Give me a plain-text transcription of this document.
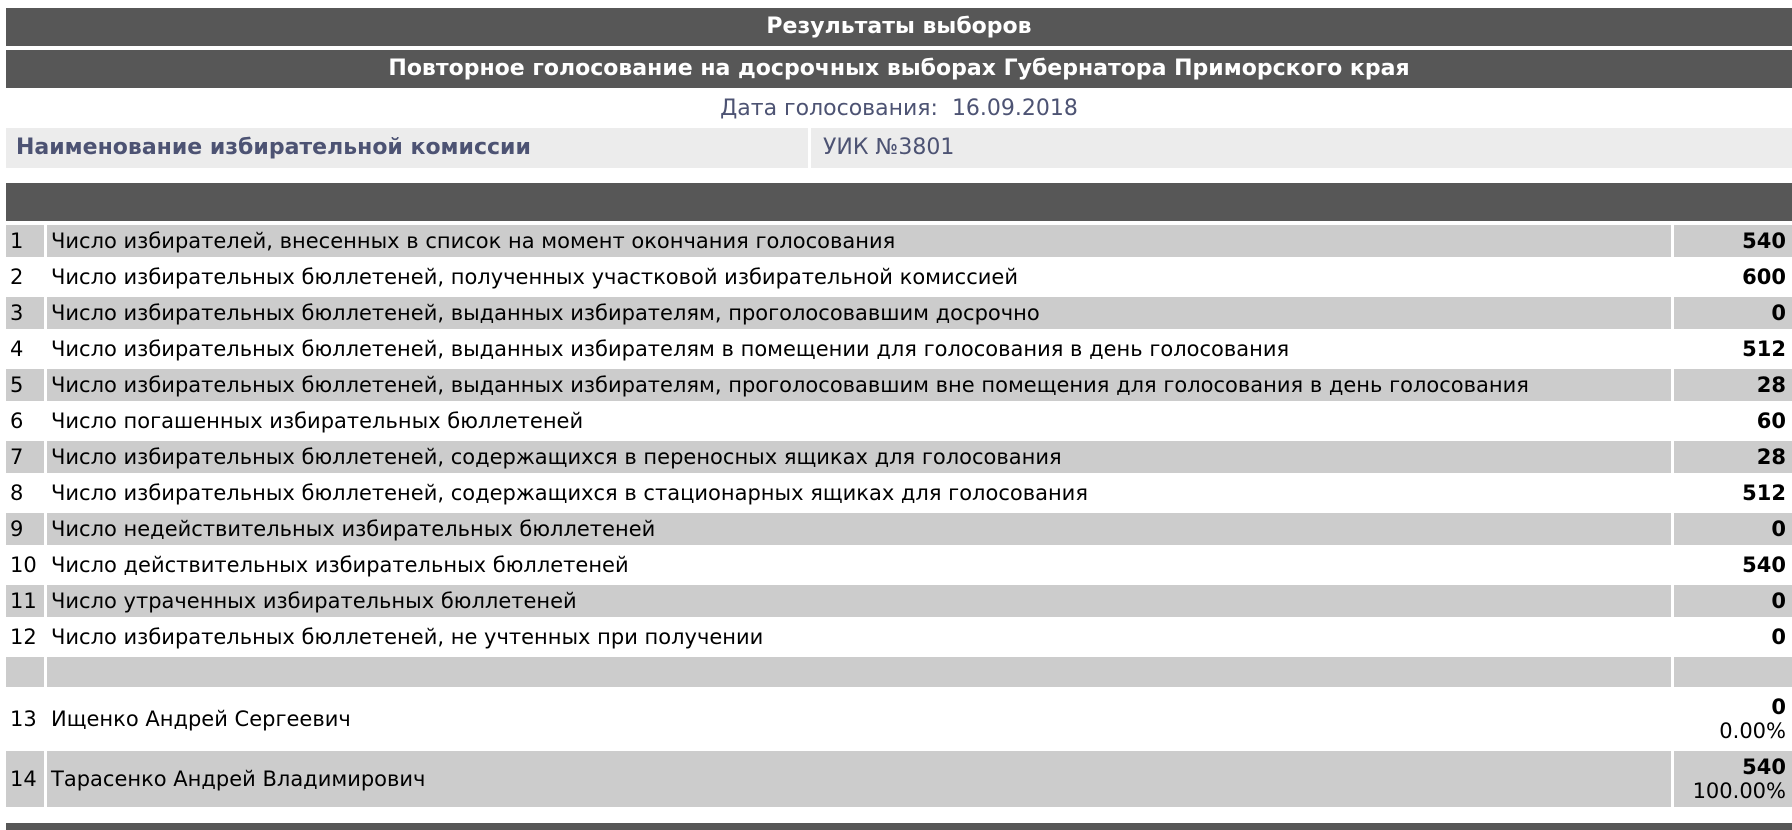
Результаты выборов
Повторное голосование на досрочных выборах Губернатора Приморского края
Дата голосования: 16.09.2018
Наименование избирательной комиссии	УИК №3801
1	Число избирателей, внесенных в список на момент окончания голосования	540
2	Число избирательных бюллетеней, полученных участковой избирательной комиссией	600
3	Число избирательных бюллетеней, выданных избирателям, проголосовавшим досрочно	0
4	Число избирательных бюллетеней, выданных избирателям в помещении для голосования в день голосования	512
5	Число избирательных бюллетеней, выданных избирателям, проголосовавшим вне помещения для голосования в день голосования	28
6	Число погашенных избирательных бюллетеней	60
7	Число избирательных бюллетеней, содержащихся в переносных ящиках для голосования	28
8	Число избирательных бюллетеней, содержащихся в стационарных ящиках для голосования	512
9	Число недействительных избирательных бюллетеней	0
10	Число действительных избирательных бюллетеней	540
11	Число утраченных избирательных бюллетеней	0
12	Число избирательных бюллетеней, не учтенных при получении	0

13	Ищенко Андрей Сергеевич	0
0.00%

14	Тарасенко Андрей Владимирович	540
100.00%
